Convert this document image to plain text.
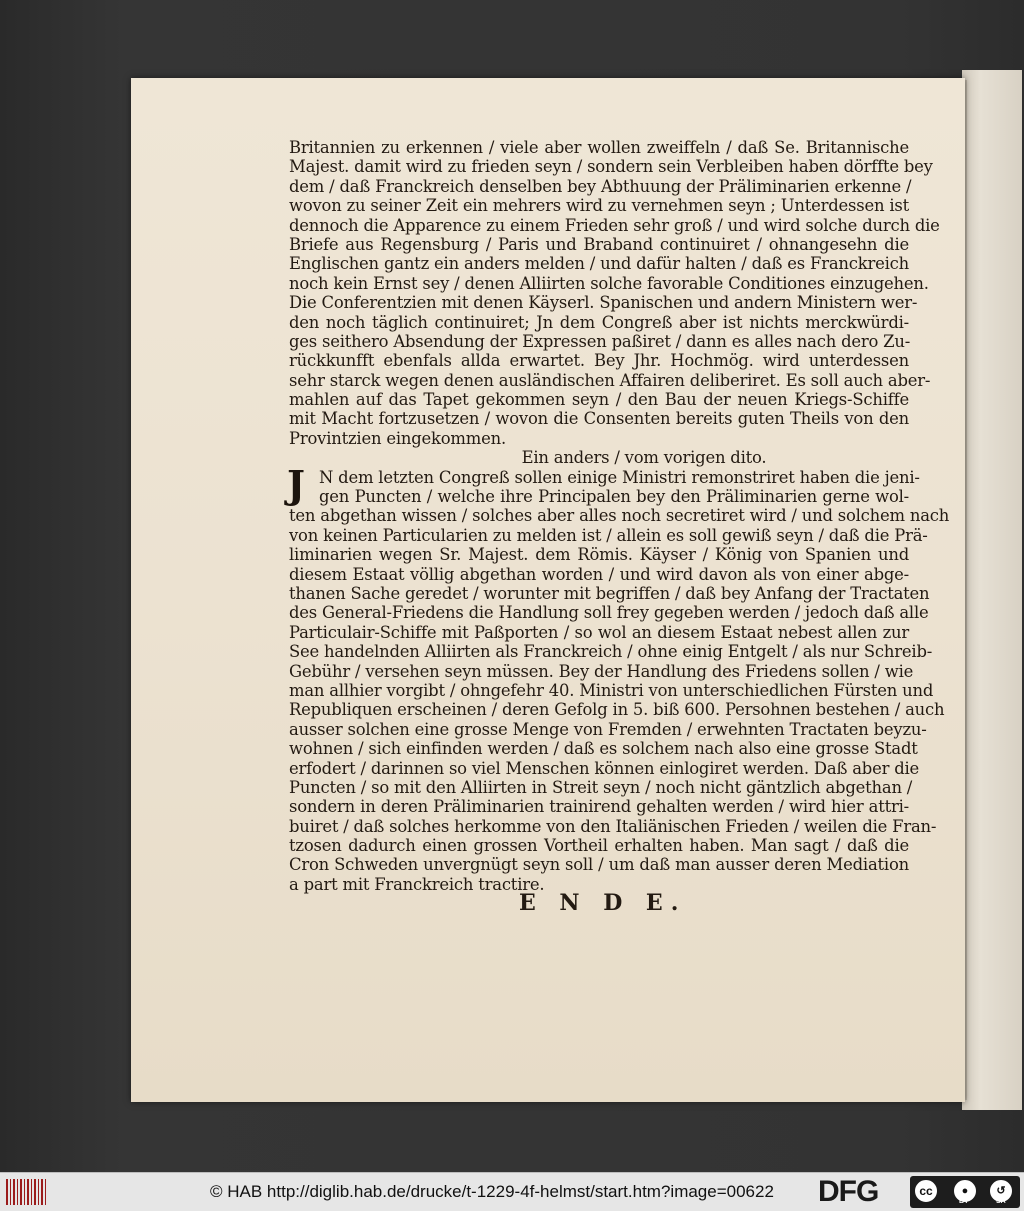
Britannien zu erkennen / viele aber wollen zweiffeln / daß Se. Britannische
Majest. damit wird zu frieden seyn / sondern sein Verbleiben haben dörffte bey
dem / daß Franckreich denselben bey Abthuung der Präliminarien erkenne /
wovon zu seiner Zeit ein mehrers wird zu vernehmen seyn ; Unterdessen ist
dennoch die Apparence zu einem Frieden sehr groß / und wird solche durch die
Briefe aus Regensburg / Paris und Braband continuiret / ohnangesehn die
Englischen gantz ein anders melden / und dafür halten / daß es Franckreich
noch kein Ernst sey / denen Alliirten solche favorable Conditiones einzugehen.
Die Conferentzien mit denen Käyserl. Spanischen und andern Ministern wer-
den noch täglich continuiret; Jn dem Congreß aber ist nichts merckwürdi-
ges seithero Absendung der Expressen paßiret / dann es alles nach dero Zu-
rückkunfft ebenfals allda erwartet. Bey Jhr. Hochmög. wird unterdessen
sehr starck wegen denen ausländischen Affairen deliberiret. Es soll auch aber-
mahlen auf das Tapet gekommen seyn / den Bau der neuen Kriegs-Schiffe
mit Macht fortzusetzen / wovon die Consenten bereits guten Theils von den
Provintzien eingekommen.
Ein anders / vom vorigen dito.
J N dem letzten Congreß sollen einige Ministri remonstriret haben die jeni-
gen Puncten / welche ihre Principalen bey den Präliminarien gerne wol-
ten abgethan wissen / solches aber alles noch secretiret wird / und solchem nach
von keinen Particularien zu melden ist / allein es soll gewiß seyn / daß die Prä-
liminarien wegen Sr. Majest. dem Römis. Käyser / König von Spanien und
diesem Estaat völlig abgethan worden / und wird davon als von einer abge-
thanen Sache geredet / worunter mit begriffen / daß bey Anfang der Tractaten
des General-Friedens die Handlung soll frey gegeben werden / jedoch daß alle
Particulair-Schiffe mit Paßporten / so wol an diesem Estaat nebest allen zur
See handelnden Alliirten als Franckreich / ohne einig Entgelt / als nur Schreib-
Gebühr / versehen seyn müssen. Bey der Handlung des Friedens sollen / wie
man allhier vorgibt / ohngefehr 40. Ministri von unterschiedlichen Fürsten und
Republiquen erscheinen / deren Gefolg in 5. biß 600. Persohnen bestehen / auch
ausser solchen eine grosse Menge von Fremden / erwehnten Tractaten beyzu-
wohnen / sich einfinden werden / daß es solchem nach also eine grosse Stadt
erfodert / darinnen so viel Menschen können einlogiret werden. Daß aber die
Puncten / so mit den Alliirten in Streit seyn / noch nicht gäntzlich abgethan /
sondern in deren Präliminarien trainirend gehalten werden / wird hier attri-
buiret / daß solches herkomme von den Italiänischen Frieden / weilen die Fran-
tzosen dadurch einen grossen Vortheil erhalten haben. Man sagt / daß die
Cron Schweden unvergnügt seyn soll / um daß man ausser deren Mediation
a part mit Franckreich tractire.
E N D E.
© HAB http://diglib.hab.de/drucke/t-1229-4f-helmst/start.htm?image=00622 DFG	cc	●
BY
↺
SA
